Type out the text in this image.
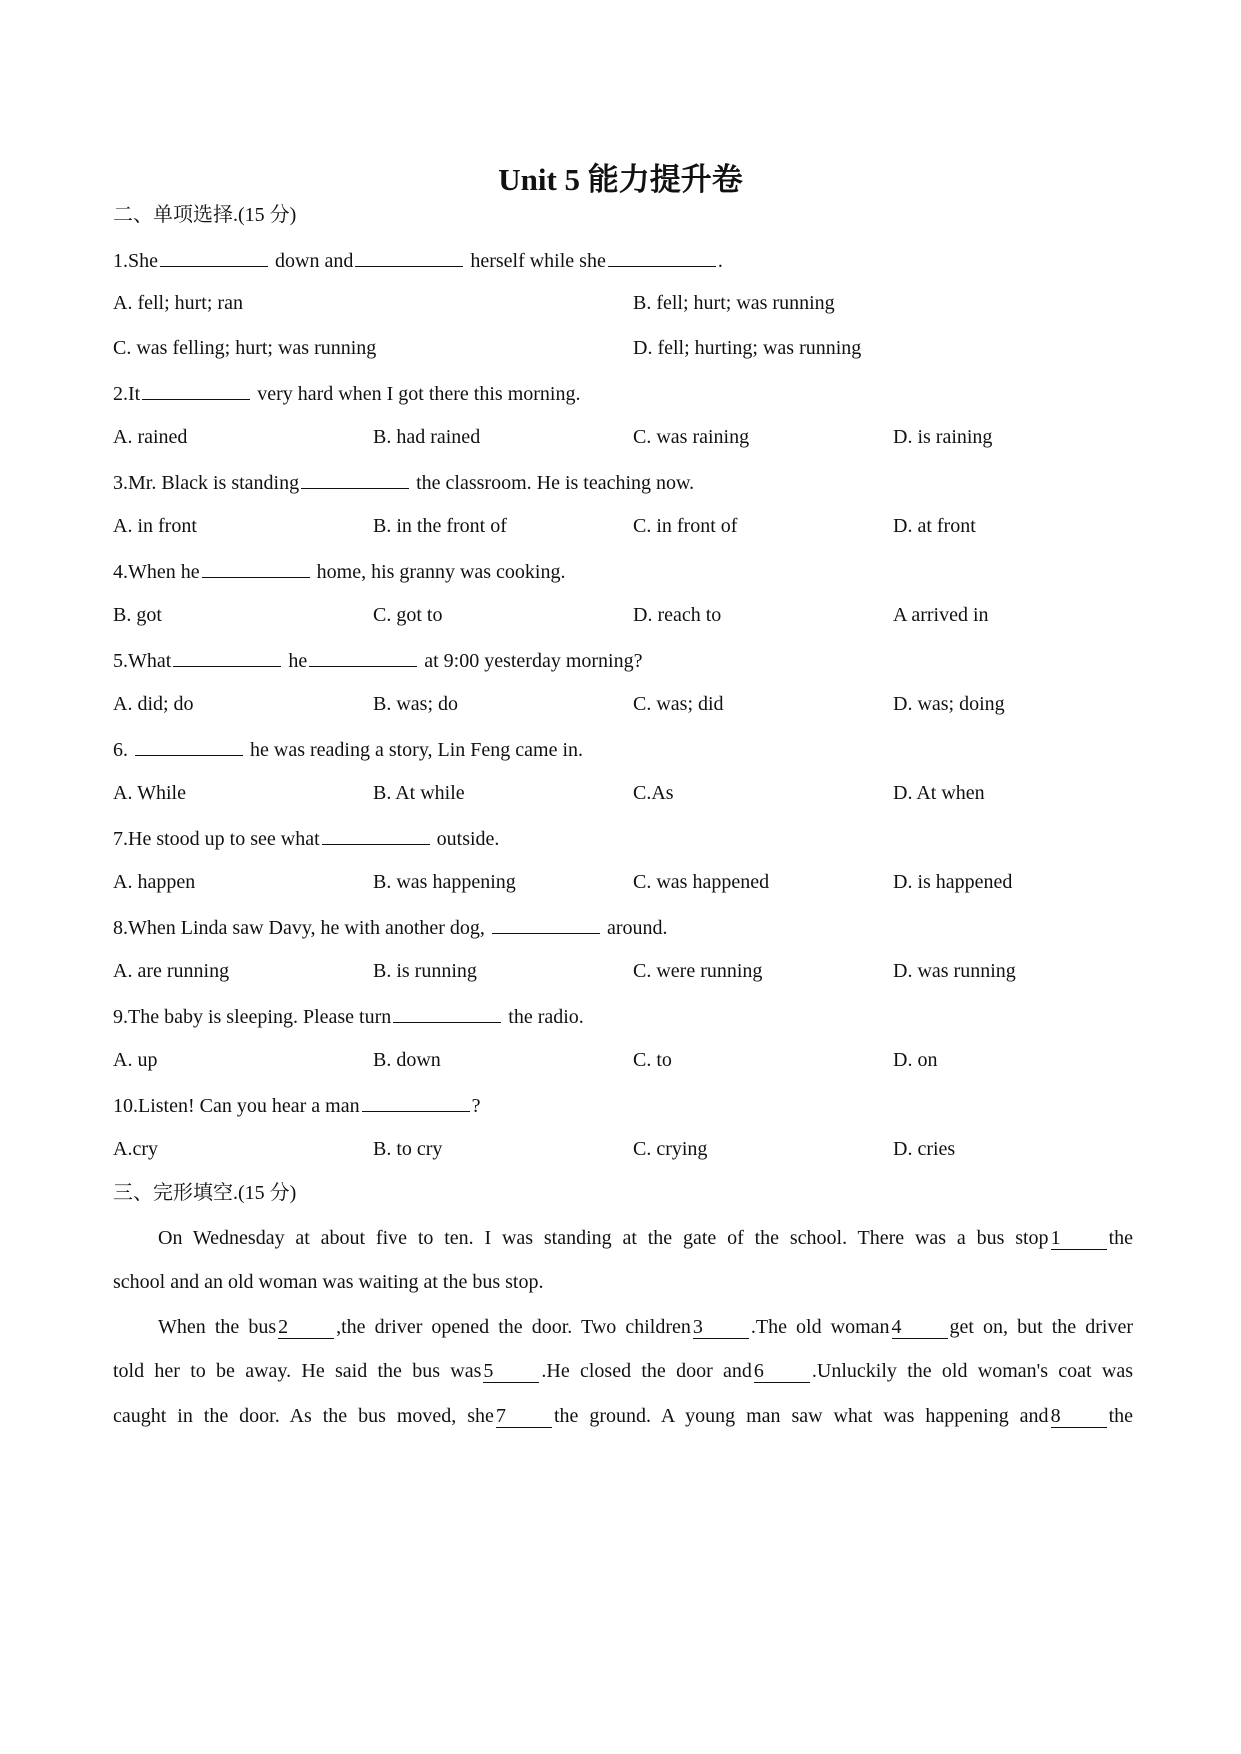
Unit 5 能力提升卷
二、单项选择.(15 分)
1.She	down and	herself while she	.
A. fell; hurt; ran	B. fell; hurt; was running
C. was felling; hurt; was running	D. fell; hurting; was running
2.It	very hard when I got there this morning.
A. rained	B. had rained	C. was raining	D. is raining
3.Mr. Black is standing	the classroom. He is teaching now.
A. in front	B. in the front of	C. in front of	D. at front
4.When he	home, his granny was cooking.
B. got	C. got to	D. reach to	A arrived in
5.What	he	at 9:00 yesterday morning?
A. did; do	B. was; do	C. was; did	D. was; doing
6.	he was reading a story, Lin Feng came in.
A. While	B. At while	C.As	D. At when
7.He stood up to see what	outside.
A. happen	B. was happening	C. was happened	D. is happened
8.When Linda saw Davy, he with another dog,	around.
A. are running	B. is running	C. were running	D. was running
9.The baby is sleeping. Please turn	the radio.
A. up	B. down	C. to	D. on
10.Listen! Can you hear a man	?
A.cry	B. to cry	C. crying	D. cries
三、完形填空.(15 分)
On Wednesday at about five to ten. I was standing at the gate of the school. There was a bus stop 1 the
school and an old woman was waiting at the bus stop.
When the bus 2 ,the driver opened the door. Two children 3 .The old woman 4 get on, but the driver
told her to be away. He said the bus was 5 .He closed the door and 6 .Unluckily the old woman's coat was
caught in the door. As the bus moved, she 7 the ground. A young man saw what was happening and 8 the
